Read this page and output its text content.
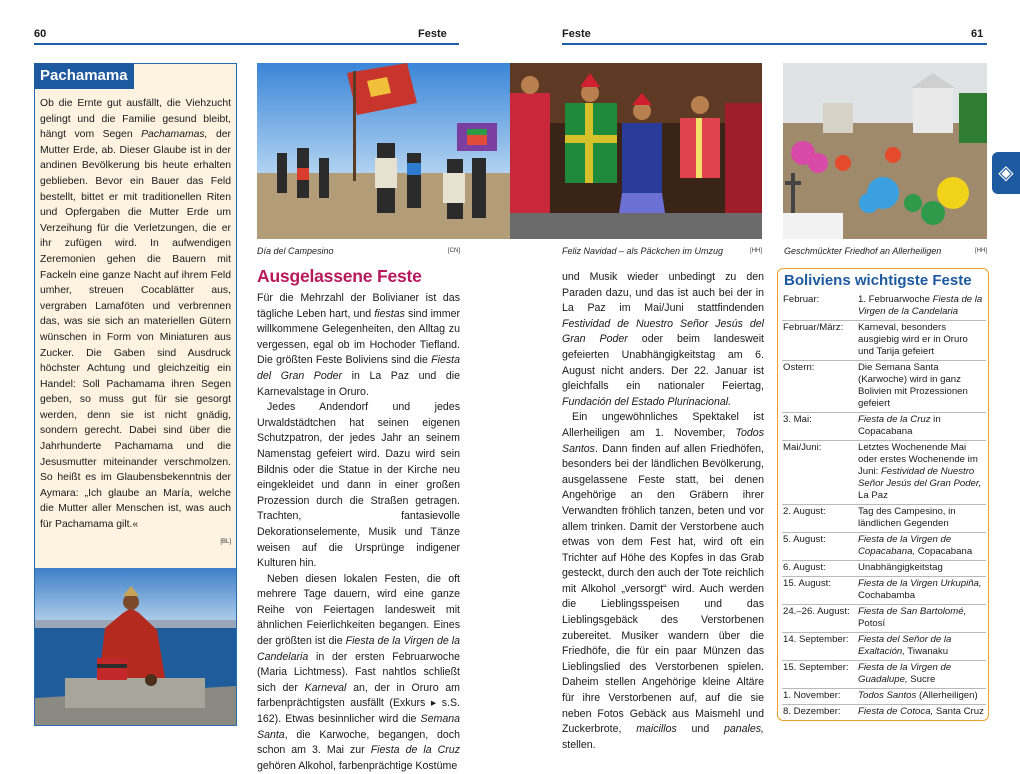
60	Feste	Feste	61
Pachamama
Ob die Ernte gut ausfällt, die Viehzucht gelingt und die Familie gesund bleibt, hängt vom Segen Pachamamas, der Mutter Erde, ab. Dieser Glaube ist in der andinen Bevölkerung bis heute erhalten geblieben. Bevor ein Bauer das Feld bestellt, bittet er mit traditionellen Riten und Opfergaben die Mutter Erde um Verzeihung für die Verletzungen, die er ihr zufügen wird. In aufwendigen Zeremonien gehen die Bauern mit Fackeln eine ganze Nacht auf ihrem Feld umher, streuen Cocablätter aus, vergraben Lamaföten und verbrennen das, was sie sich an materiellen Gütern wünschen in Form von Miniaturen aus Zucker. Die Gaben sind Ausdruck höchster Achtung und gleichzeitig ein Handel: Soll Pachamama ihren Segen geben, so muss gut für sie gesorgt werden, denn sie ist nicht gnädig, sondern gerecht. Dabei sind über die Jahrhunderte Pachamama und die Jesusmutter miteinander verschmolzen. So heißt es im Glaubensbekenntnis der Aymara: „Ich glaube an María, welche die Mutter aller Menschen ist, was auch für Pachamama gilt.«
[BL]
Día del Campesino	[CN]	Feliz Navidad – als Päckchen im Umzug	[HH] Geschmückter Friedhof an Allerheiligen	[HH]
Ausgelassene Feste

Für die Mehrzahl der Bolivianer ist das tägliche Leben hart, und fiestas sind immer willkommene Gelegenheiten, den Alltag zu vergessen, egal ob im Hochoder Tiefland. Die größten Feste Boliviens sind die Fiesta del Gran Poder in La Paz und die Karnevalstage in Oruro.

Jedes Andendorf und jedes Urwaldstädtchen hat seinen eigenen Schutzpatron, der jedes Jahr an seinem Namenstag gefeiert wird. Dazu wird sein Bildnis oder die Statue in der Kirche neu eingekleidet und dann in einer großen Prozession durch die Straßen getragen. Trachten, fantasievolle Dekorationselemente, Musik und Tänze weisen auf die Ursprünge indigener Kulturen hin.

Neben diesen lokalen Festen, die oft mehrere Tage dauern, wird eine ganze Reihe von Feiertagen landesweit mit ähnlichen Feierlichkeiten begangen. Eines der größten ist die Fiesta de la Virgen de la Candelaria in der ersten Februarwoche (Maria Lichtmess). Fast nahtlos schließt sich der Karneval an, der in Oruro am farbenprächtigsten ausfällt (Exkurs ▸ s.S. 162). Etwas besinnlicher wird die Semana Santa, die Karwoche, begangen, doch schon am 3. Mai zur Fiesta de la Cruz gehören Alkohol, farbenprächtige Kostüme

und Musik wieder unbedingt zu den Paraden dazu, und das ist auch bei der in La Paz im Mai/Juni stattfindenden Festividad de Nuestro Señor Jesús del Gran Poder oder beim landesweit gefeierten Unabhängigkeitstag am 6. August nicht anders. Der 22. Januar ist gleichfalls ein nationaler Feiertag, Fundación del Estado Plurinacional.

Ein ungewöhnliches Spektakel ist Allerheiligen am 1. November, Todos Santos. Dann finden auf allen Friedhöfen, besonders bei der ländlichen Bevölkerung, ausgelassene Feste statt, bei denen Angehörige an den Gräbern ihrer Verwandten fröhlich tanzen, beten und vor allem trinken. Damit der Verstorbene auch etwas von dem Fest hat, wird oft ein Trichter auf Höhe des Kopfes in das Grab gesteckt, durch den auch der Tote reichlich mit Alkohol „versorgt“ wird. Auch werden die Lieblingsspeisen und das Lieblingsgebäck des Verstorbenen zubereitet. Musiker wandern über die Friedhöfe, die für ein paar Münzen das Lieblingslied des Verstorbenen spielen. Daheim stellen Angehörige kleine Altäre für ihre Verstorbenen auf, auf die sie neben Fotos Gebäck aus Maismehl und Zuckerbrote, maicillos und panales, stellen.

Boliviens wichtigste Feste
Februar:	1. Februarwoche Fiesta de la Virgen de la Candelaria
Februar/März:	Karneval, besonders ausgiebig wird er in Oruro und Tarija gefeiert
Ostern:	Die Semana Santa (Karwoche) wird in ganz Bolivien mit Prozessionen gefeiert
3. Mai:	Fiesta de la Cruz in Copacabana
Mai/Juni:	Letztes Wochenende Mai oder erstes Wochenende im Juni: Festividad de Nuestro Señor Jesús del Gran Poder, La Paz
2. August:	Tag des Campesino, in ländlichen Gegenden
5. August:	Fiesta de la Virgen de Copacabana, Copacabana
6. August:	Unabhängigkeitstag
15. August:	Fiesta de la Virgen Urkupiña, Cochabamba
24.–26. August:	Fiesta de San Bartolomé, Potosí
14. September:	Fiesta del Señor de la Exaltación, Tiwanaku
15. September:	Fiesta de la Virgen de Guadalupe, Sucre
1. November:	Todos Santos (Allerheiligen)
8. Dezember:	Fiesta de Cotoca, Santa Cruz
◈
